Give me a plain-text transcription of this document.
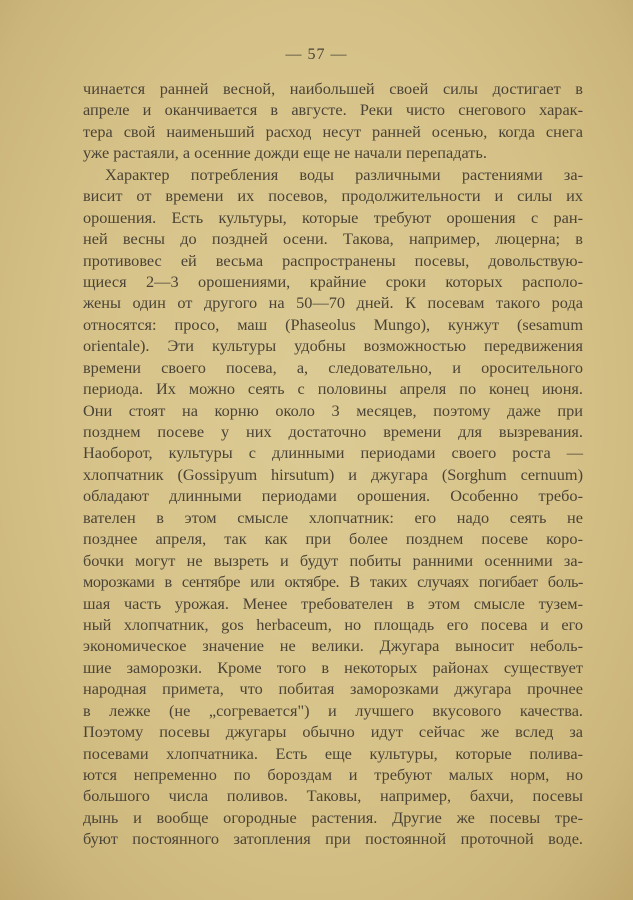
— 57 —
чинается ранней весной, наибольшей своей силы достигает в
апреле и оканчивается в августе. Реки чисто снегового харак-
тера свой наименьший расход несут ранней осенью, когда снега
уже растаяли, а осенние дожди еще не начали перепадать.
Характер потребления воды различными растениями за-
висит от времени их посевов, продолжительности и силы их
орошения. Есть культуры, которые требуют орошения с ран-
ней весны до поздней осени. Такова, например, люцерна; в
противовес ей весьма распространены посевы, довольствую-
щиеся 2—3 орошениями, крайние сроки которых располо-
жены один от другого на 50—70 дней. К посевам такого рода
относятся: просо, маш (Phaseolus Mungo), кунжут (sesamum
orientale). Эти культуры удобны возможностью передвижения
времени своего посева, а, следовательно, и оросительного
периода. Их можно сеять с половины апреля по конец июня.
Они стоят на корню около 3 месяцев, поэтому даже при
позднем посеве у них достаточно времени для вызревания.
Наоборот, культуры с длинными периодами своего роста —
хлопчатник (Gossipyum hirsutum) и джугара (Sorghum cernuum)
обладают длинными периодами орошения. Особенно требо-
вателен в этом смысле хлопчатник: его надо сеять не
позднее апреля, так как при более позднем посеве коро-
бочки могут не вызреть и будут побиты ранними осенними за-
морозками в сентябре или октябре. В таких случаях погибает боль-
шая часть урожая. Менее требователен в этом смысле тузем-
ный хлопчатник, gos herbaceum, но площадь его посева и его
экономическое значение не велики. Джугара выносит неболь-
шие заморозки. Кроме того в некоторых районах существует
народная примета, что побитая заморозками джугара прочнее
в лежке (не „согревается") и лучшего вкусового качества.
Поэтому посевы джугары обычно идут сейчас же вслед за
посевами хлопчатника. Есть еще культуры, которые полива-
ются непременно по бороздам и требуют малых норм, но
большого числа поливов. Таковы, например, бахчи, посевы
дынь и вообще огородные растения. Другие же посевы тре-
буют постоянного затопления при постоянной проточной воде.
